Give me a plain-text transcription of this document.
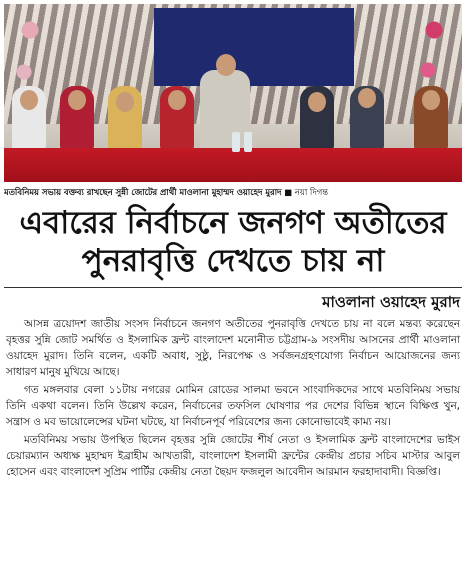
মতবিনিময় সভায় বক্তব্য রাখছেন সুন্নী জোটের প্রার্থী মাওলানা মুহাম্মদ ওয়াহেদ মুরাদ ■ নয়া দিগন্ত
এবারের নির্বাচনে জনগণ অতীতের
পুনরাবৃত্তি দেখতে চায় না
মাওলানা ওয়াহেদ মুরাদ

আসন্ন ত্রয়োদশ জাতীয় সংসদ নির্বাচনে জনগণ অতীতের পুনরাবৃত্তি দেখতে চায় না বলে মন্তব্য করেছেন বৃহত্তর সুন্নি জোট সমর্থিত ও ইসলামিক ফ্রন্ট বাংলাদেশ মনোনীত চট্টগ্রাম-৯ সংসদীয় আসনের প্রার্থী মাওলানা ওয়াহেদ মুরাদ। তিনি বলেন, একটি অবাধ, সুষ্ঠু, নিরপেক্ষ ও সর্বজনগ্রহণযোগ্য নির্বাচন আয়োজনের জন্য সাধারণ মানুষ মুখিয়ে আছে।

গত মঙ্গলবার বেলা ১১টায় নগরের মোমিন রোডের সালমা ভবনে সাংবাদিকদের সাথে মতবিনিময় সভায় তিনি একথা বলেন। তিনি উল্লেখ করেন, নির্বাচনের তফসিল ঘোষণার পর দেশের বিভিন্ন স্থানে বিক্ষিপ্ত খুন, সন্ত্রাস ও মব ভায়োলেন্সের ঘটনা ঘটছে, যা নির্বাচনপূর্ব পরিবেশের জন্য কোনোভাবেই কাম্য নয়।

মতবিনিময় সভায় উপস্থিত ছিলেন বৃহত্তর সুন্নি জোটের শীর্ষ নেতা ও ইসলামিক ফ্রন্ট বাংলাদেশের ভাইস চেয়ারম্যান অধ্যক্ষ মুহাম্মদ ইব্রাহীম আখতারী, বাংলাদেশ ইসলামী ফ্রন্টের কেন্দ্রীয় প্রচার সচিব মাস্টার আবুল হোসেন এবং বাংলাদেশ সুপ্রিম পার্টির কেন্দ্রীয় নেতা ছৈয়দ ফজলুল আবেদীন আরমান ফরহাদাবাদী। বিজ্ঞপ্তি।
